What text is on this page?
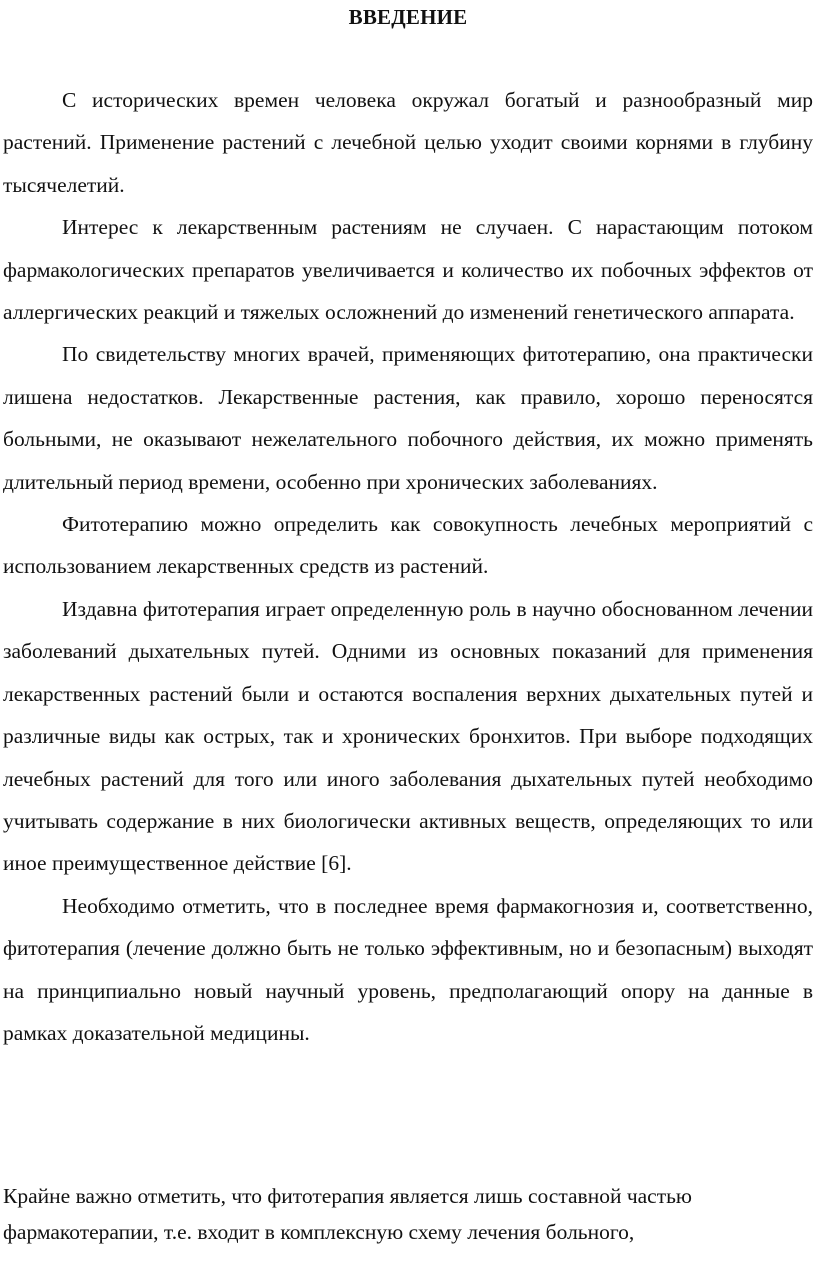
ВВЕДЕНИЕ

С исторических времен человека окружал богатый и разнообразный мир растений. Применение растений с лечебной целью уходит своими корнями в глубину тысячелетий.

Интерес к лекарственным растениям не случаен. С нарастающим потоком фармакологических препаратов увеличивается и количество их побочных эффектов от аллергических реакций и тяжелых осложнений до изменений генетического аппарата.

По свидетельству многих врачей, применяющих фитотерапию, она практически лишена недостатков. Лекарственные растения, как правило, хорошо переносятся больными, не оказывают нежелательного побочного действия, их можно применять длительный период времени, особенно при хронических заболеваниях.

Фитотерапию можно определить как совокупность лечебных мероприятий с использованием лекарственных средств из растений.

Издавна фитотерапия играет определенную роль в научно обоснованном лечении заболеваний дыхательных путей. Одними из основных показаний для применения лекарственных растений были и остаются воспаления верхних дыхательных путей и различные виды как острых, так и хронических бронхитов. При выборе подходящих лечебных растений для того или иного заболевания дыхательных путей необходимо учитывать содержание в них биологически активных веществ, определяющих то или иное преимущественное действие [6].

Необходимо отметить, что в последнее время фармакогнозия и, соответственно, фитотерапия (лечение должно быть не только эффективным, но и безопасным) выходят на принципиально новый научный уровень, предполагающий опору на данные в рамках доказательной медицины.

Крайне важно отметить, что фитотерапия является лишь составной частью фармакотерапии, т.е. входит в комплексную схему лечения больного,
